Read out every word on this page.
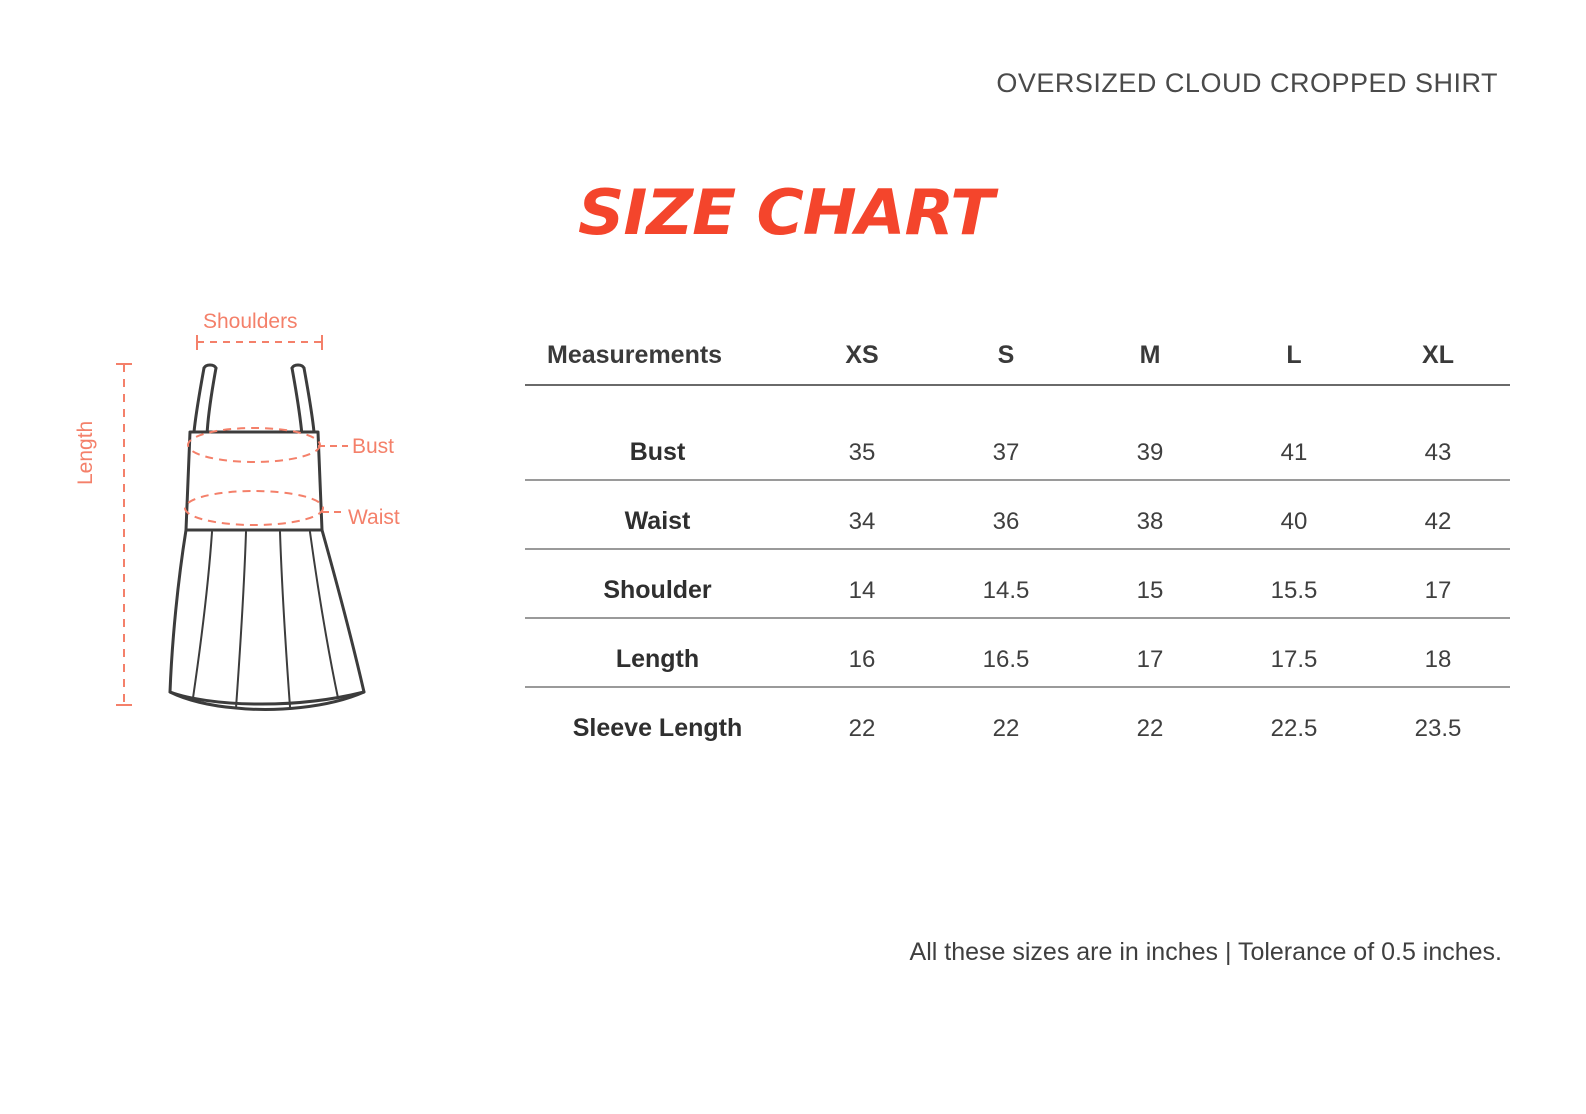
OVERSIZED CLOUD CROPPED SHIRT
SIZE CHART
Shoulders
Bust
Waist
Length
Measurements	XS	S	M	L	XL
Bust	35	37	39	41	43
Waist	34	36	38	40	42
Shoulder	14	14.5	15	15.5	17
Length	16	16.5	17	17.5	18
Sleeve Length	22	22	22	22.5	23.5
All these sizes are in inches | Tolerance of 0.5 inches.
